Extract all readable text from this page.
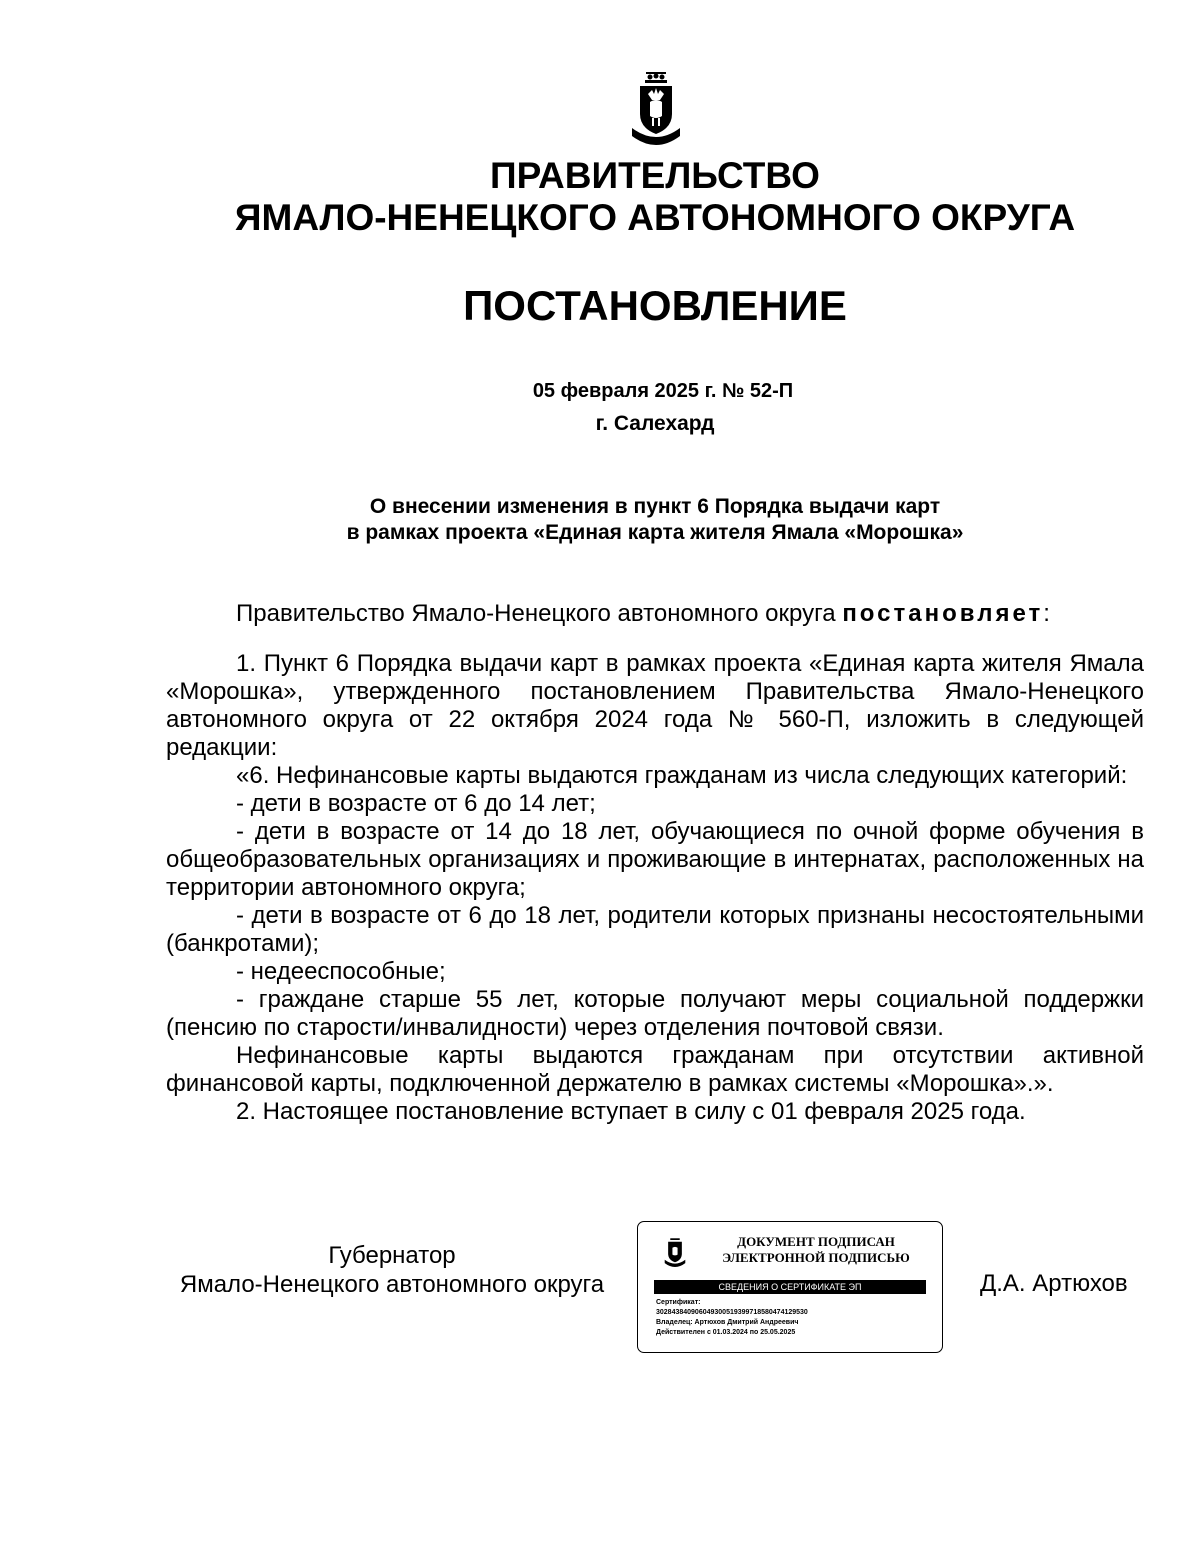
ПРАВИТЕЛЬСТВО
ЯМАЛО-НЕНЕЦКОГО АВТОНОМНОГО ОКРУГА
ПОСТАНОВЛЕНИЕ
05 февраля 2025 г. № 52-П
г. Салехард
О внесении изменения в пункт 6 Порядка выдачи карт
в рамках проекта «Единая карта жителя Ямала «Морошка»

Правительство Ямало-Ненецкого автономного округа постановляет:

1. Пункт 6 Порядка выдачи карт в рамках проекта «Единая карта жителя Ямала «Морошка», утвержденного постановлением Правительства Ямало-Ненецкого автономного округа от 22 октября 2024 года № 560-П, изложить в следующей редакции:

«6. Нефинансовые карты выдаются гражданам из числа следующих категорий:

- дети в возрасте от 6 до 14 лет;

- дети в возрасте от 14 до 18 лет, обучающиеся по очной форме обучения в общеобразовательных организациях и проживающие в интернатах, расположенных на территории автономного округа;

- дети в возрасте от 6 до 18 лет, родители которых признаны несостоятельными (банкротами);

- недееспособные;

- граждане старше 55 лет, которые получают меры социальной поддержки (пенсию по старости/инвалидности) через отделения почтовой связи.

Нефинансовые карты выдаются гражданам при отсутствии активной финансовой карты, подключенной держателю в рамках системы «Морошка».».

2. Настоящее постановление вступает в силу с 01 февраля 2025 года.

Губернатор
Ямало-Ненецкого автономного округа
ДОКУМЕНТ ПОДПИСАН
ЭЛЕКТРОННОЙ ПОДПИСЬЮ
СВЕДЕНИЯ О СЕРТИФИКАТЕ ЭП
Сертификат:
302843840906049300519399718580474129530
Владелец: Артюхов Дмитрий Андреевич
Действителен с 01.03.2024 по 25.05.2025
Д.А. Артюхов
